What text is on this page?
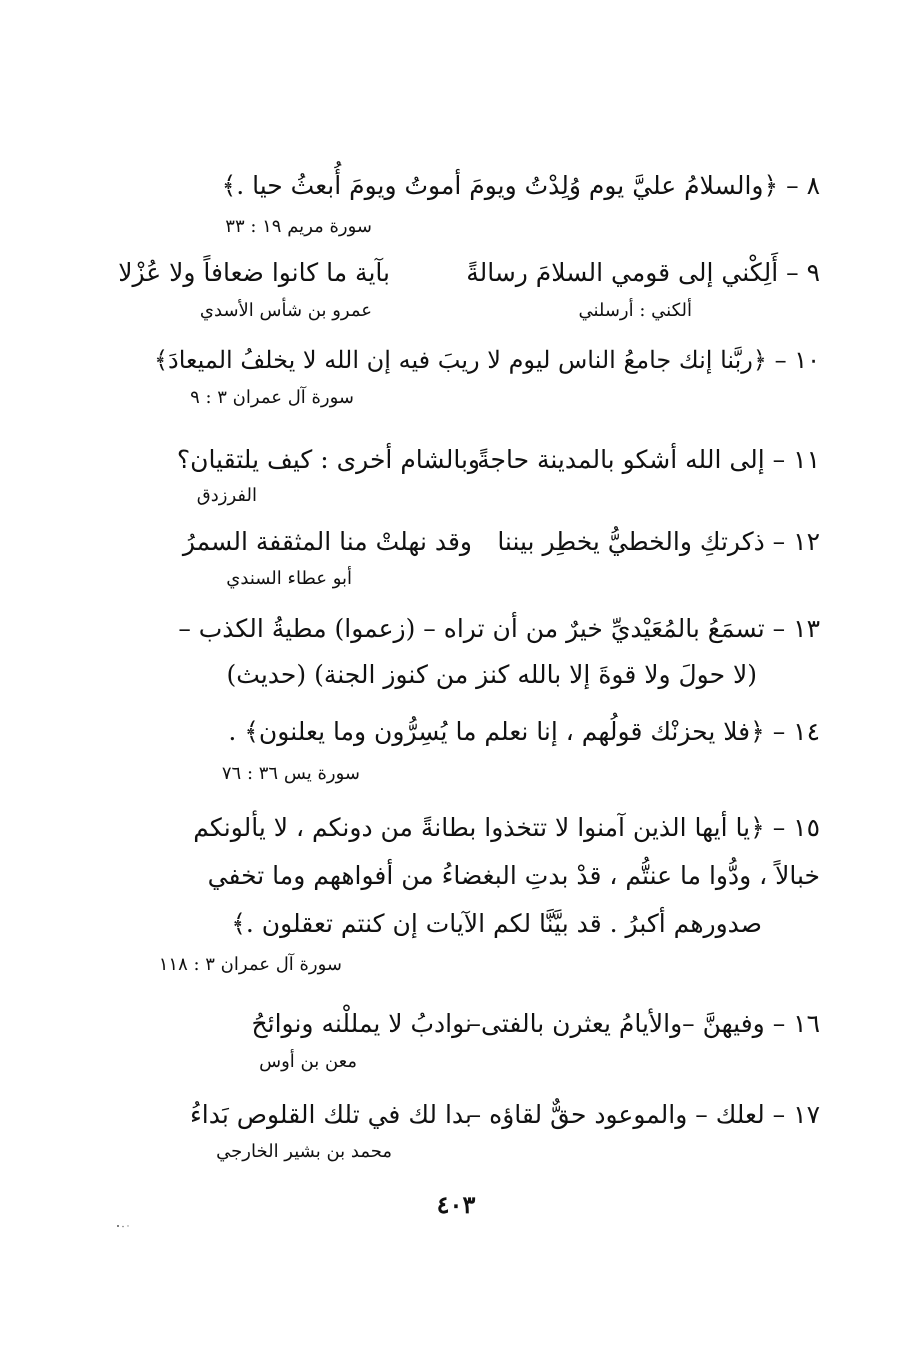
٨ – ﴿والسلامُ عليَّ يوم وُلِدْتُ ويومَ أموتُ ويومَ أُبعثُ حيا .﴾
سورة مريم ١٩ : ٣٣
٩ – أَلِكْني إلى قومي السلامَ رسالةً
بآية ما كانوا ضعافاً ولا عُزْلا
ألكني : أرسلني
عمرو بن شأس الأسدي
١٠ – ﴿ربَّنا إنك جامعُ الناس ليوم لا ريبَ فيه إن الله لا يخلفُ الميعادَ﴾
سورة آل عمران ٣ : ٩
١١ – إلى الله أشكو بالمدينة حاجةً
وبالشام أخرى : كيف يلتقيان؟
الفرزدق
١٢ – ذكرتكِ والخطيُّ يخطِر بيننا
وقد نهلتْ منا المثقفة السمرُ
أبو عطاء السندي
١٣ – تسمَعُ بالمُعَيْديِّ خيرٌ من أن تراه – (زعموا) مطيةُ الكذب –
(لا حولَ ولا قوةَ إلا بالله كنز من كنوز الجنة) (حديث)
١٤ – ﴿فلا يحزنْك قولُهم ، إنا نعلم ما يُسِرُّون وما يعلنون﴾ .
سورة يس ٣٦ : ٧٦
١٥ – ﴿يا أيها الذين آمنوا لا تتخذوا بطانةً من دونكم ، لا يألونكم
خبالاً ، ودُّوا ما عنتُّم ، قدْ بدتِ البغضاءُ من أفواههم وما تخفي
صدورهم أكبرُ . قد بيَّنَّا لكم الآيات إن كنتم تعقلون .﴾
سورة آل عمران ٣ : ١١٨
١٦ – وفيهنَّ –والأيامُ يعثرن بالفتى–
نوادبُ لا يمللْنه ونوائحُ
معن بن أوس
١٧ – لعلك – والموعود حقٌّ لقاؤه –
بدا لك في تلك القلوص بَداءُ
محمد بن بشير الخارجي
٤٠٣
